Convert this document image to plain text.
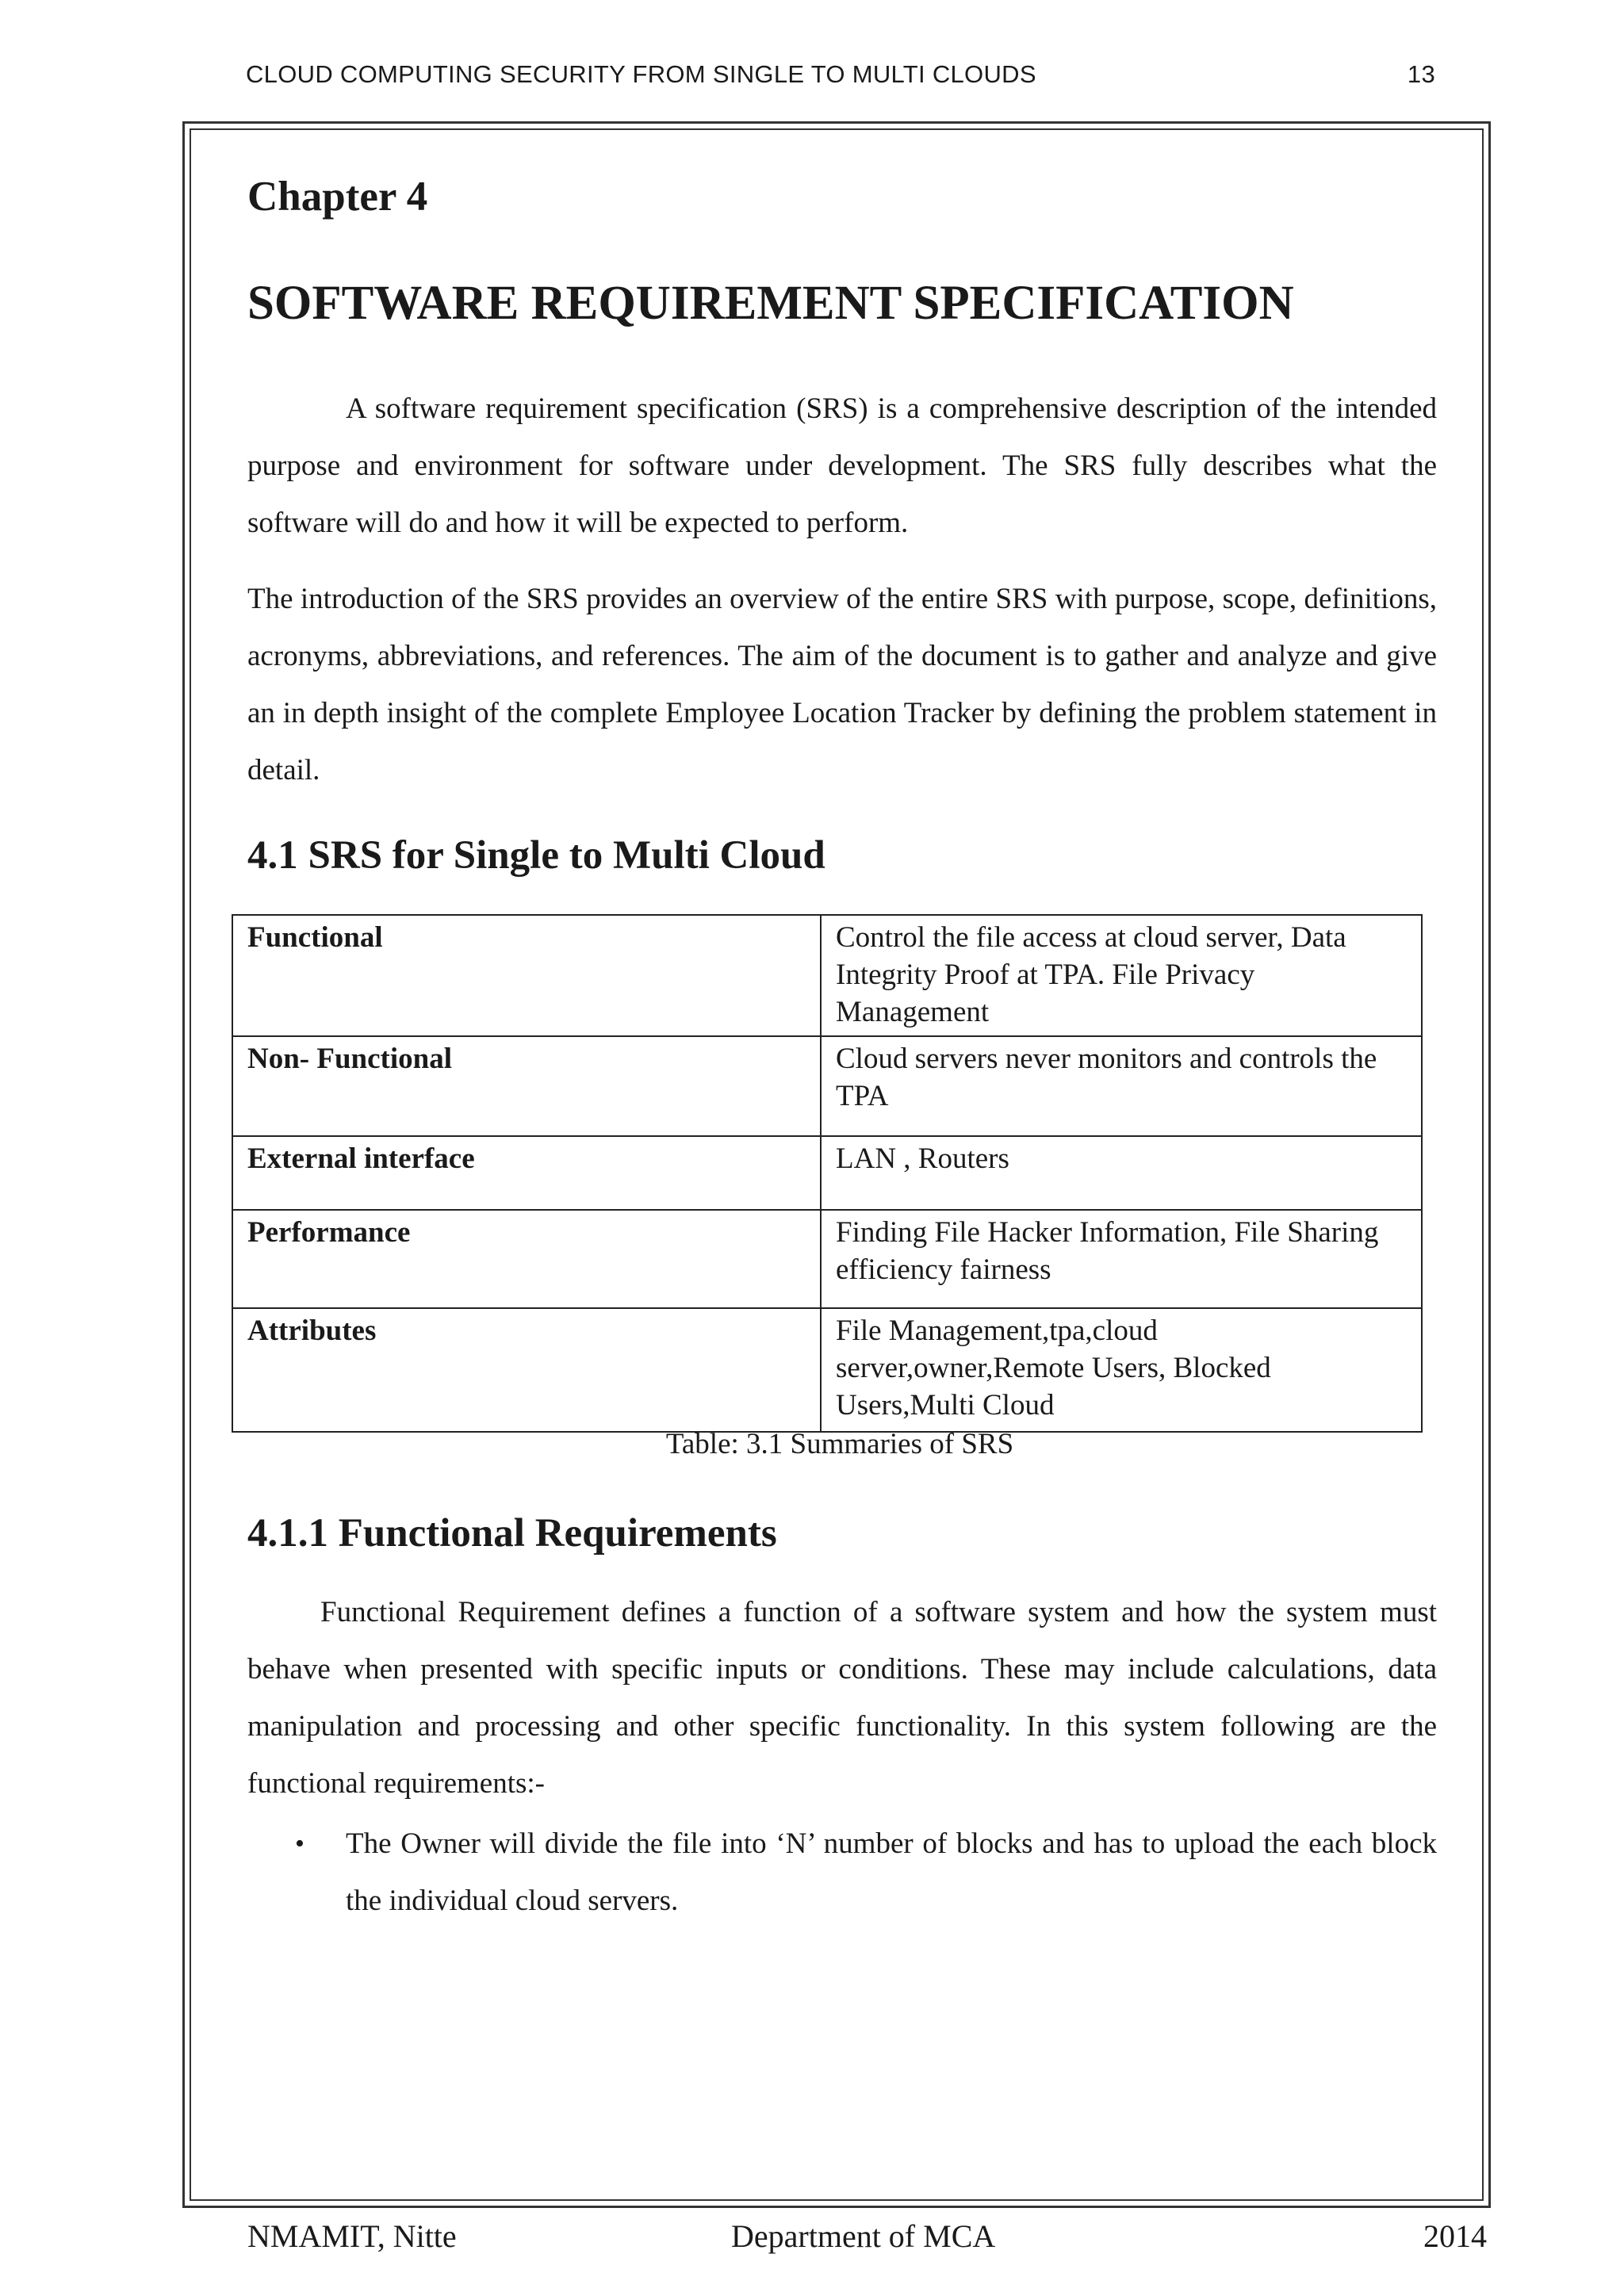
CLOUD COMPUTING SECURITY FROM SINGLE TO MULTI CLOUDS	13
Chapter 4
SOFTWARE REQUIREMENT SPECIFICATION

A software requirement specification (SRS) is a comprehensive description of the intended purpose and environment for software under development. The SRS fully describes what the software will do and how it will be expected to perform.

The introduction of the SRS provides an overview of the entire SRS with purpose, scope, definitions, acronyms, abbreviations, and references. The aim of the document is to gather and analyze and give an in depth insight of the complete Employee Location Tracker by defining the problem statement in detail.

4.1 SRS for Single to Multi Cloud
Functional	Control the file access at cloud server, Data Integrity Proof at TPA. File Privacy Management
Non- Functional	Cloud servers never monitors and controls the TPA
External interface	LAN , Routers
Performance	Finding File Hacker Information, File Sharing efficiency fairness
Attributes	File Management,tpa,cloud server,owner,Remote Users, Blocked Users,Multi Cloud
Table: 3.1 Summaries of SRS
4.1.1 Functional Requirements

Functional Requirement defines a function of a software system and how the system must behave when presented with specific inputs or conditions. These may include calculations, data manipulation and processing and other specific functionality. In this system following are the functional requirements:-

• The Owner will divide the file into ‘N’ number of blocks and has to upload the each block the individual cloud servers.
NMAMIT, Nitte	Department of MCA	2014
